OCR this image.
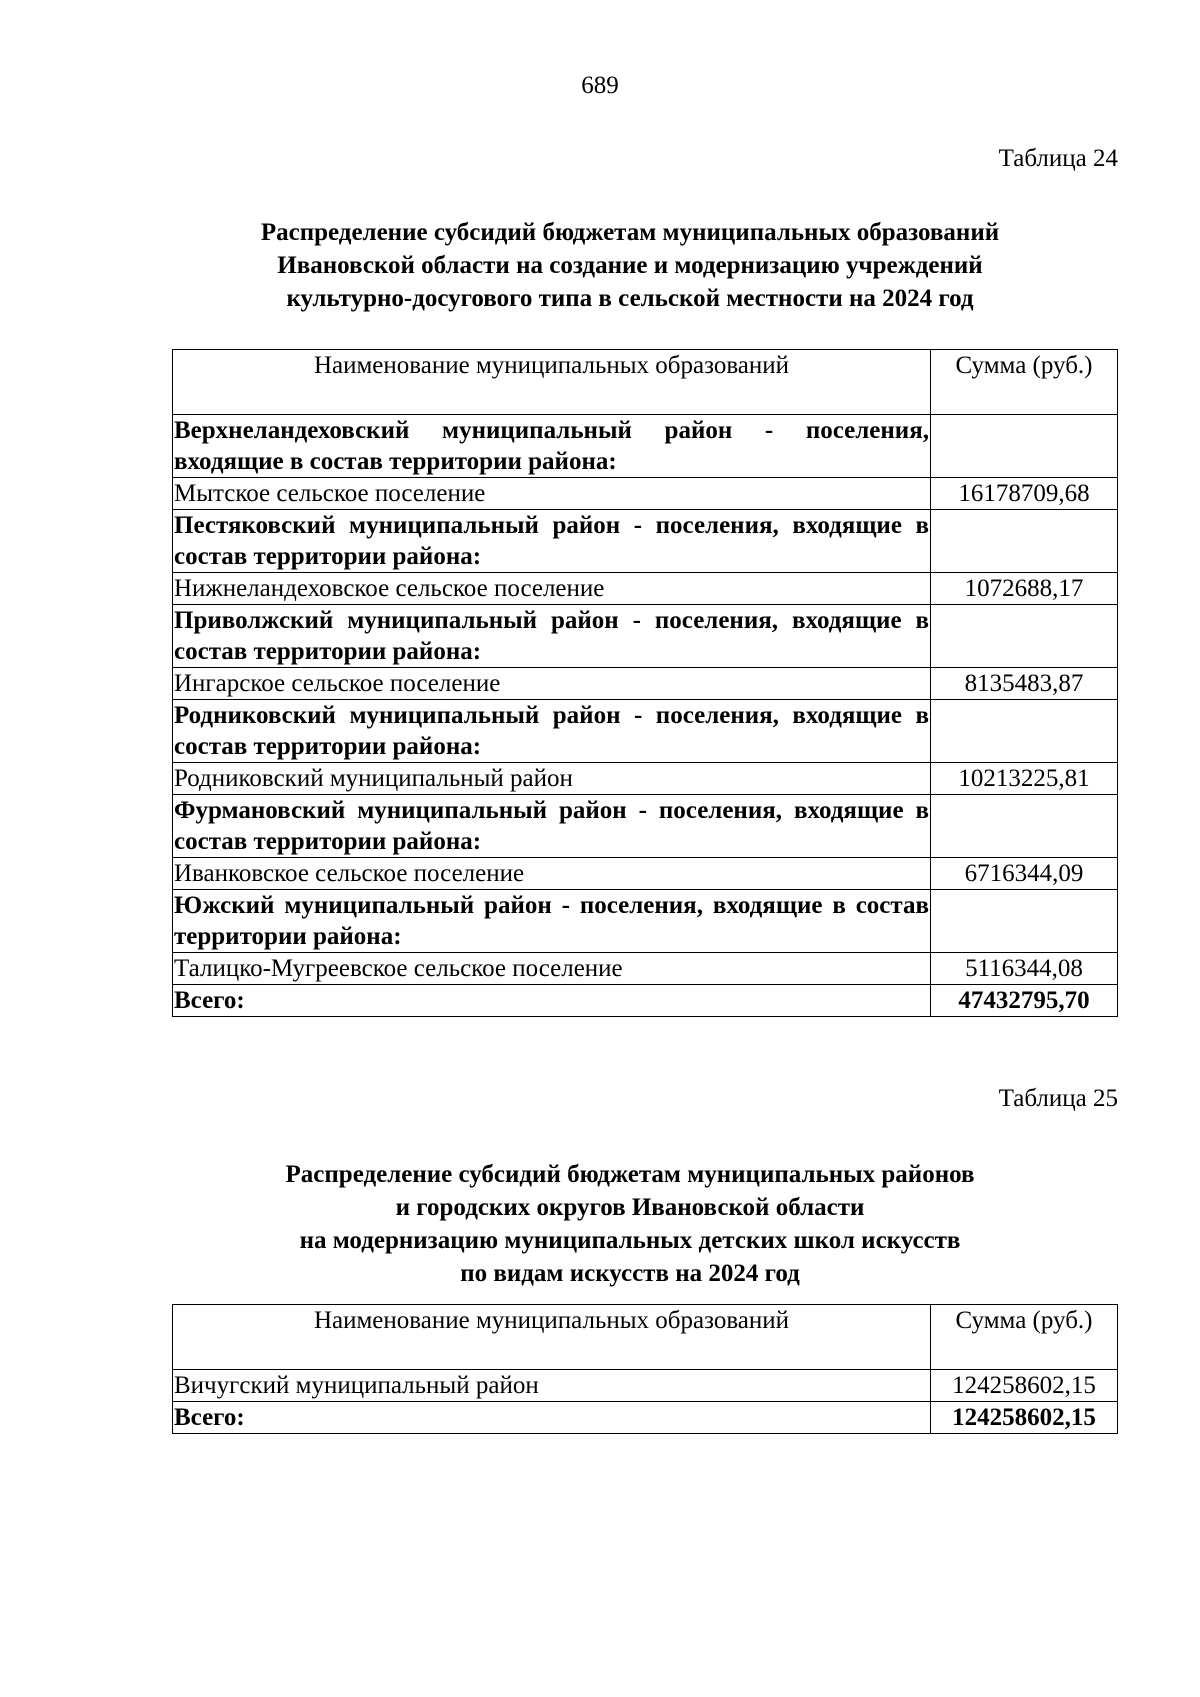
689
Таблица 24
Распределение субсидий бюджетам муниципальных образований
Ивановской области на создание и модернизацию учреждений
культурно-досугового типа в сельской местности на 2024 год
Наименование муниципальных образований	Сумма (руб.)
Верхнеландеховский муниципальный район - поселения, входящие в состав территории района:	
Мытское сельское поселение	16178709,68
Пестяковский муниципальный район - поселения, входящие в состав территории района:	
Нижнеландеховское сельское поселение	1072688,17
Приволжский муниципальный район - поселения, входящие в состав территории района:	
Ингарское сельское поселение	8135483,87
Родниковский муниципальный район - поселения, входящие в состав территории района:	
Родниковский муниципальный район	10213225,81
Фурмановский муниципальный район - поселения, входящие в состав территории района:	
Иванковское сельское поселение	6716344,09
Южский муниципальный район - поселения, входящие в состав территории района:	
Талицко-Мугреевское сельское поселение	5116344,08
Всего:	47432795,70
Таблица 25
Распределение субсидий бюджетам муниципальных районов
и городских округов Ивановской области
на модернизацию муниципальных детских школ искусств
по видам искусств на 2024 год
Наименование муниципальных образований	Сумма (руб.)
Вичугский муниципальный район	124258602,15
Всего:	124258602,15
